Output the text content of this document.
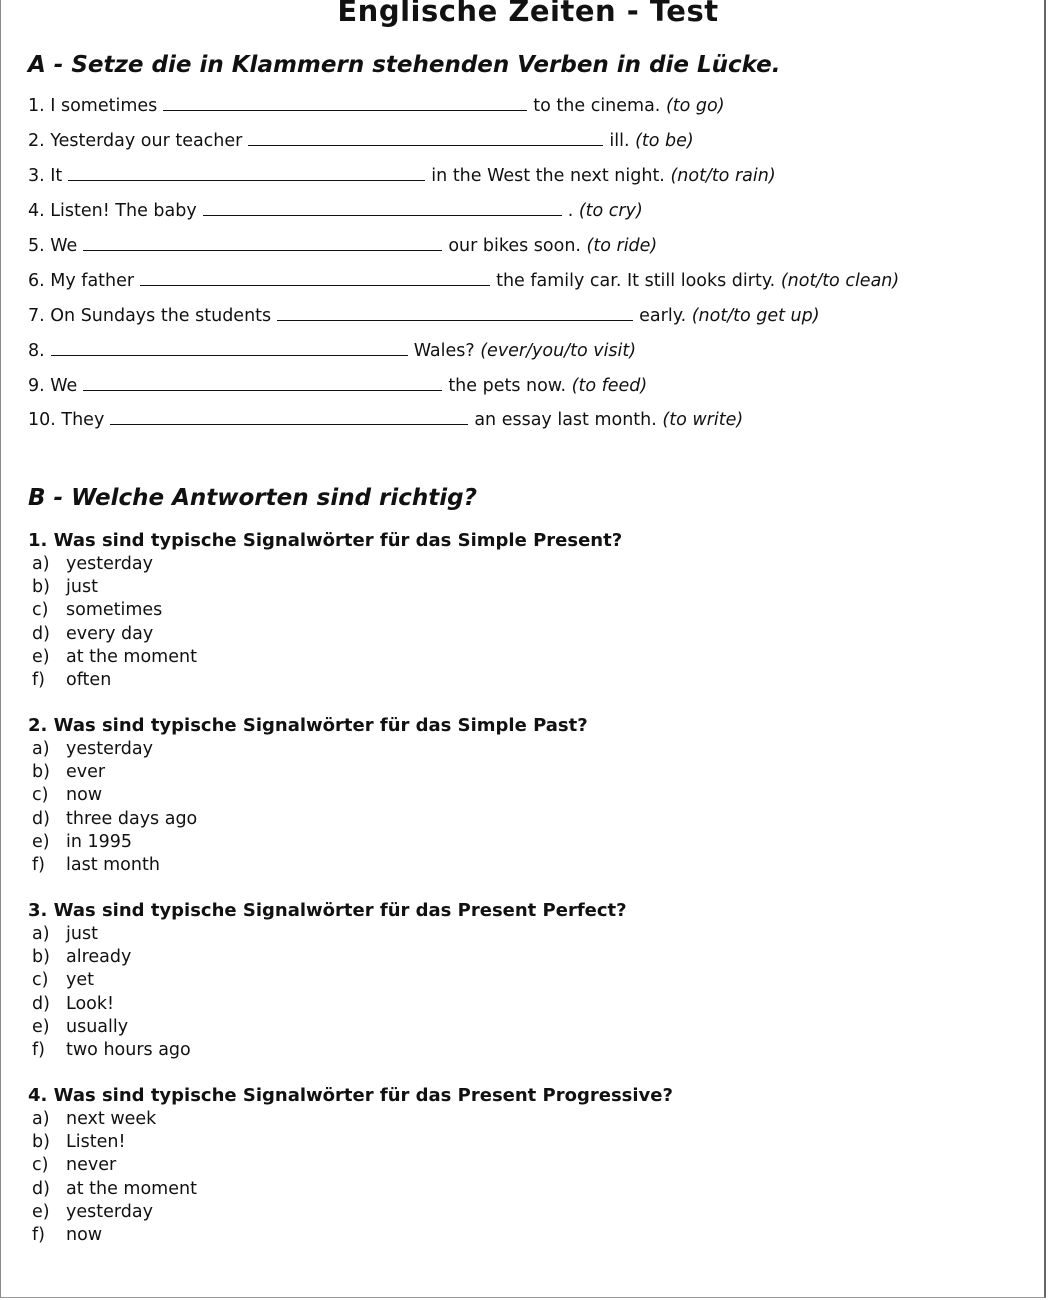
Englische Zeiten - Test
A - Setze die in Klammern stehenden Verben in die Lücke.
1. I sometimes	to the cinema. (to go)
2. Yesterday our teacher	ill. (to be)
3. It	in the West the next night. (not/to rain)
4. Listen! The baby	. (to cry)
5. We	our bikes soon. (to ride)
6. My father	the family car. It still looks dirty. (not/to clean)
7. On Sundays the students	early. (not/to get up)
8.	Wales? (ever/you/to visit)
9. We	the pets now. (to feed)
10. They	an essay last month. (to write)
B - Welche Antworten sind richtig?
1. Was sind typische Signalwörter für das Simple Present?
a) yesterday
b) just
c) sometimes
d) every day
e) at the moment
f) often
2. Was sind typische Signalwörter für das Simple Past?
a) yesterday
b) ever
c) now
d) three days ago
e) in 1995
f) last month
3. Was sind typische Signalwörter für das Present Perfect?
a) just
b) already
c) yet
d) Look!
e) usually
f) two hours ago
4. Was sind typische Signalwörter für das Present Progressive?
a) next week
b) Listen!
c) never
d) at the moment
e) yesterday
f) now
